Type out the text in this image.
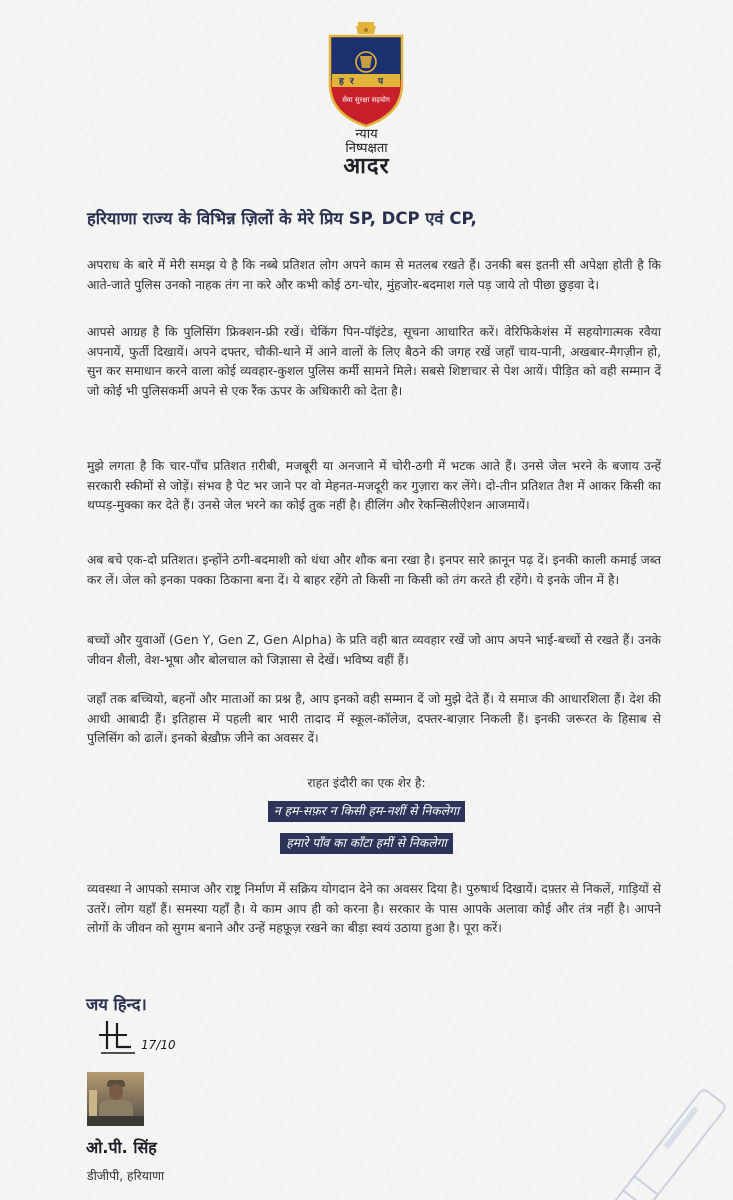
ह र	प
सेवा सुरक्षा सहयोग
न्याय
निष्पक्षता
आदर
हरियाणा राज्य के विभिन्न ज़िलों के मेरे प्रिय SP, DCP एवं CP,
अपराध के बारे में मेरी समझ ये है कि नब्बे प्रतिशत लोग अपने काम से मतलब रखते हैं। उनकी बस इतनी सी अपेक्षा होती है कि आते-जाते पुलिस उनको नाहक तंग ना करे और कभी कोई ठग-चोर, मुंहजोर-बदमाश गले पड़ जाये तो पीछा छुड़वा दे।
आपसे आग्रह है कि पुलिसिंग फ्रिक्शन-फ्री रखें। चेकिंग पिन-पॉइंटेड, सूचना आधारित करें। वेरिफिकेशंस में सहयोगात्मक रवैया अपनायें, फुर्ती दिखायें। अपने दफ्तर, चौकी-थाने में आने वालों के लिए बैठने की जगह रखें जहाँ चाय-पानी, अखबार-मैगज़ीन हो, सुन कर समाधान करने वाला कोई व्यवहार-कुशल पुलिस कर्मी सामने मिले। सबसे शिष्टाचार से पेश आयें। पीड़ित को वही सम्मान दें जो कोई भी पुलिसकर्मी अपने से एक रैंक ऊपर के अधिकारी को देता है।
मुझे लगता है कि चार-पाँच प्रतिशत ग़रीबी, मजबूरी या अनजाने में चोरी-ठगी में भटक आते हैं। उनसे जेल भरने के बजाय उन्हें सरकारी स्कीमों से जोड़ें। संभव है पेट भर जाने पर वो मेहनत-मजदूरी कर गुज़ारा कर लेंगे। दो-तीन प्रतिशत तैश में आकर किसी का थप्पड़-मुक्का कर देते हैं। उनसे जेल भरने का कोई तुक नहीं है। हीलिंग और रेकन्सिलीऐशन आजमायें।
अब बचे एक-दो प्रतिशत। इन्होंने ठगी-बदमाशी को धंधा और शौक बना रखा है। इनपर सारे क़ानून पढ़ दें। इनकी काली कमाई जब्त कर लें। जेल को इनका पक्का ठिकाना बना दें। ये बाहर रहेंगे तो किसी ना किसी को तंग करते ही रहेंगे। ये इनके जीन में है।
बच्चों और युवाओं (Gen Y, Gen Z, Gen Alpha) के प्रति वही बात व्यवहार रखें जो आप अपने भाई-बच्चों से रखते हैं। उनके जीवन शैली, वेश-भूषा और बोलचाल को जिज्ञासा से देखें। भविष्य वहीं हैं।
जहाँ तक बच्चियो, बहनों और माताओं का प्रश्न है, आप इनको वही सम्मान दें जो मुझे देते हैं। ये समाज की आधारशिला हैं। देश की आधी आबादी हैं। इतिहास में पहली बार भारी तादाद में स्कूल-कॉलेज, दफ्तर-बाज़ार निकली हैं। इनकी जरूरत के हिसाब से पुलिसिंग को ढालें। इनको बेख़ौफ़ जीने का अवसर दें।
राहत इंदौरी का एक शेर है:
न हम-सफ़र न किसी हम-नशीं से निकलेगा
हमारे पाँव का काँटा हमीं से निकलेगा
व्यवस्था ने आपको समाज और राष्ट्र निर्माण में सक्रिय योगदान देने का अवसर दिया है। पुरुषार्थ दिखायें। दफ़्तर से निकलें, गाड़ियों से उतरें। लोग यहाँ हैं। समस्या यहाँ है। ये काम आप ही को करना है। सरकार के पास आपके अलावा कोई और तंत्र नहीं है। आपने लोगों के जीवन को सुगम बनाने और उन्हें महफ़ूज़ रखने का बीड़ा स्वयं उठाया हुआ है। पूरा करें।
जय हिन्द।
17/10
ओ.पी. सिंह
डीजीपी, हरियाणा
